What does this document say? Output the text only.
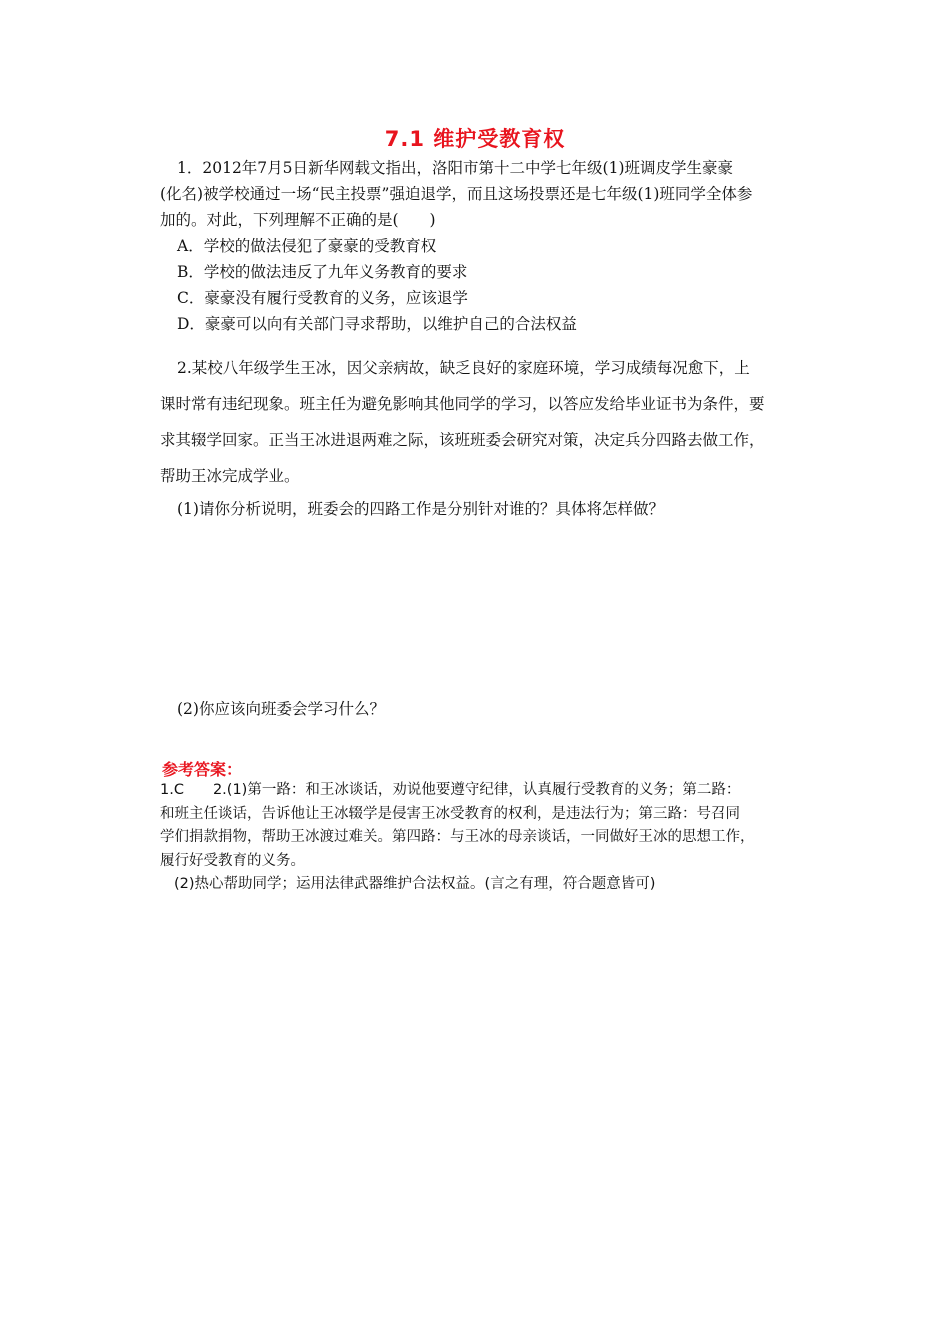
7.1 维护受教育权

1．2012年7月5日新华网载文指出，洛阳市第十二中学七年级(1)班调皮学生豪豪

(化名)被学校通过一场“民主投票”强迫退学，而且这场投票还是七年级(1)班同学全体参

加的。对此，下列理解不正确的是(　　)

A．学校的做法侵犯了豪豪的受教育权

B．学校的做法违反了九年义务教育的要求

C．豪豪没有履行受教育的义务，应该退学

D．豪豪可以向有关部门寻求帮助，以维护自己的合法权益

2.某校八年级学生王冰，因父亲病故，缺乏良好的家庭环境，学习成绩每况愈下，上

课时常有违纪现象。班主任为避免影响其他同学的学习，以答应发给毕业证书为条件，要

求其辍学回家。正当王冰进退两难之际，该班班委会研究对策，决定兵分四路去做工作，

帮助王冰完成学业。

(1)请你分析说明，班委会的四路工作是分别针对谁的？具体将怎样做？
(2)你应该向班委会学习什么？
参考答案：

1.C　　2.(1)第一路：和王冰谈话，劝说他要遵守纪律，认真履行受教育的义务；第二路：

和班主任谈话，告诉他让王冰辍学是侵害王冰受教育的权利，是违法行为；第三路：号召同

学们捐款捐物，帮助王冰渡过难关。第四路：与王冰的母亲谈话，一同做好王冰的思想工作，

履行好受教育的义务。

(2)热心帮助同学；运用法律武器维护合法权益。(言之有理，符合题意皆可)
